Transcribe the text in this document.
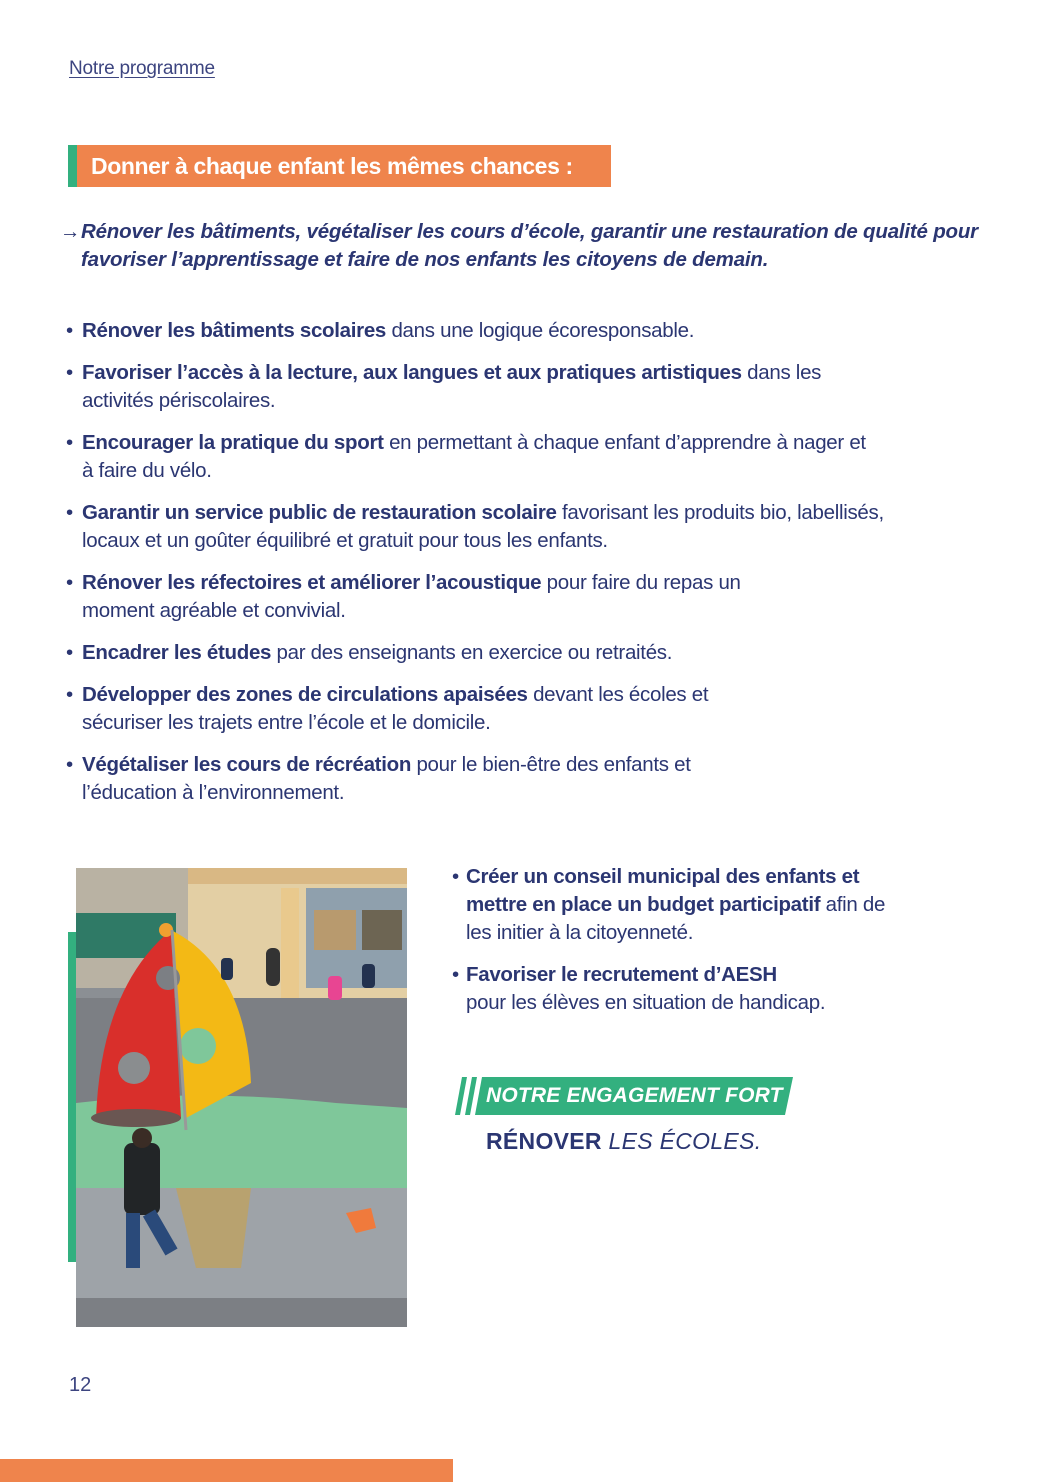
Notre programme
Donner à chaque enfant les mêmes chances :
→ Rénover les bâtiments, végétaliser les cours d’école, garantir une restauration de qualité pour favoriser l’apprentissage et faire de nos enfants les citoyens de demain.
• Rénover les bâtiments scolaires dans une logique écoresponsable.
• Favoriser l’accès à la lecture, aux langues et aux pratiques artistiques dans les activités périscolaires.
• Encourager la pratique du sport en permettant à chaque enfant d’apprendre à nager et à faire du vélo.
• Garantir un service public de restauration scolaire favorisant les produits bio, labellisés, locaux et un goûter équilibré et gratuit pour tous les enfants.
• Rénover les réfectoires et améliorer l’acoustique pour faire du repas un moment agréable et convivial.
• Encadrer les études par des enseignants en exercice ou retraités.
• Développer des zones de circulations apaisées devant les écoles et sécuriser les trajets entre l’école et le domicile.
• Végétaliser les cours de récréation pour le bien-être des enfants et l’éducation à l’environnement.
• Créer un conseil municipal des enfants et mettre en place un budget participatif afin de les initier à la citoyenneté.
• Favoriser le recrutement d’AESH
pour les élèves en situation de handicap.
NOTRE ENGAGEMENT FORT :
RÉNOVER LES ÉCOLES.
12
